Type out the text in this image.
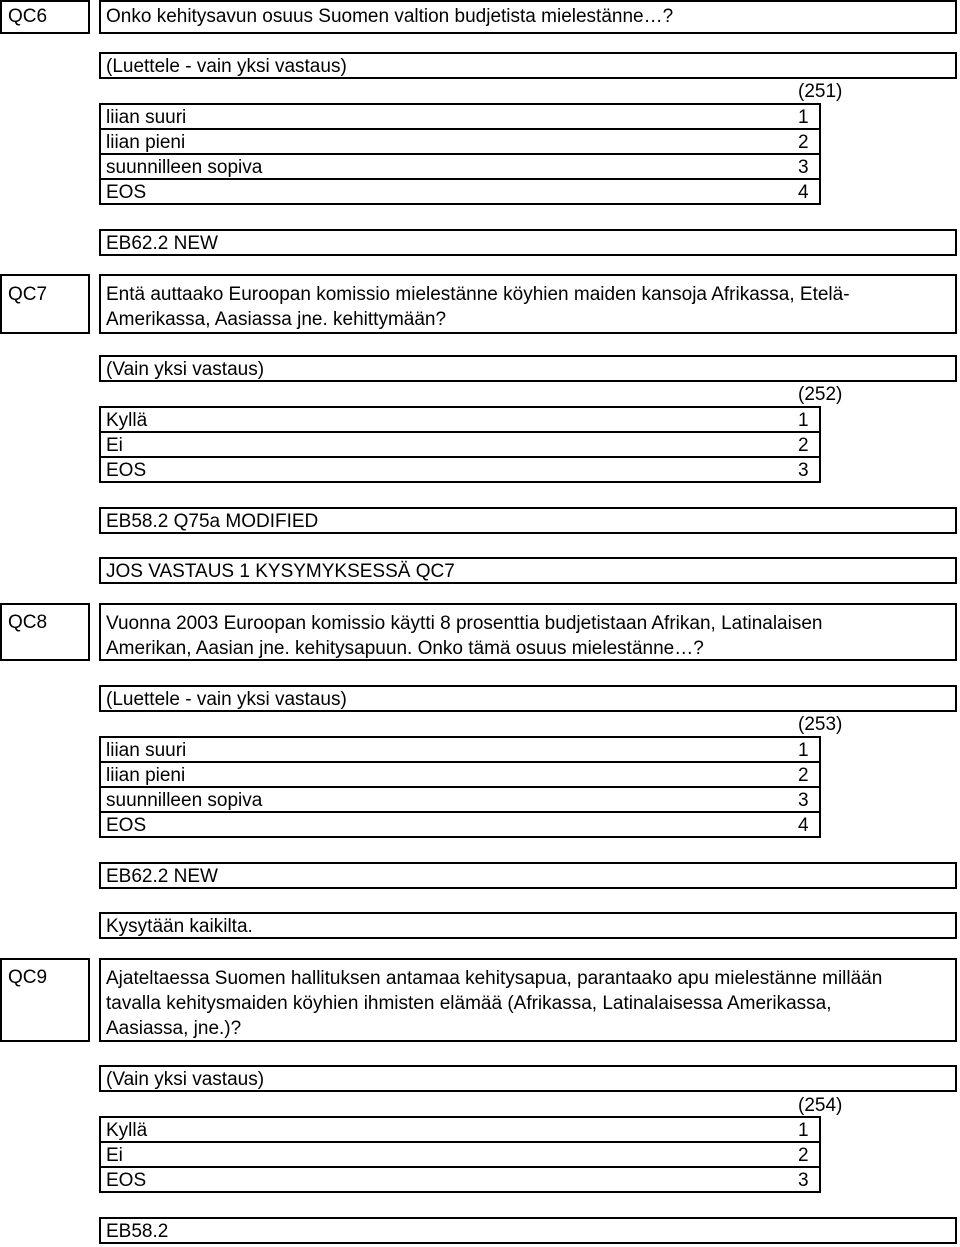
QC6	Onko kehitysavun osuus Suomen valtion budjetista mielestänne…?
(Luettele - vain yksi vastaus)
(251)
liian suuri	1
liian pieni	2
suunnilleen sopiva	3
EOS	4
EB62.2 NEW
QC7	Entä auttaako Euroopan komissio mielestänne köyhien maiden kansoja Afrikassa, Etelä-
Amerikassa, Aasiassa jne. kehittymään?
(Vain yksi vastaus)
(252)
Kyllä	1
Ei	2
EOS	3
EB58.2 Q75a MODIFIED
JOS VASTAUS 1 KYSYMYKSESSÄ QC7
QC8	Vuonna 2003 Euroopan komissio käytti 8 prosenttia budjetistaan Afrikan, Latinalaisen
Amerikan, Aasian jne. kehitysapuun. Onko tämä osuus mielestänne…?
(Luettele - vain yksi vastaus)
(253)
liian suuri	1
liian pieni	2
suunnilleen sopiva	3
EOS	4
EB62.2 NEW
Kysytään kaikilta.
QC9	Ajateltaessa Suomen hallituksen antamaa kehitysapua, parantaako apu mielestänne millään
tavalla kehitysmaiden köyhien ihmisten elämää (Afrikassa, Latinalaisessa Amerikassa,
Aasiassa, jne.)?
(Vain yksi vastaus)
(254)
Kyllä	1
Ei	2
EOS	3
EB58.2
